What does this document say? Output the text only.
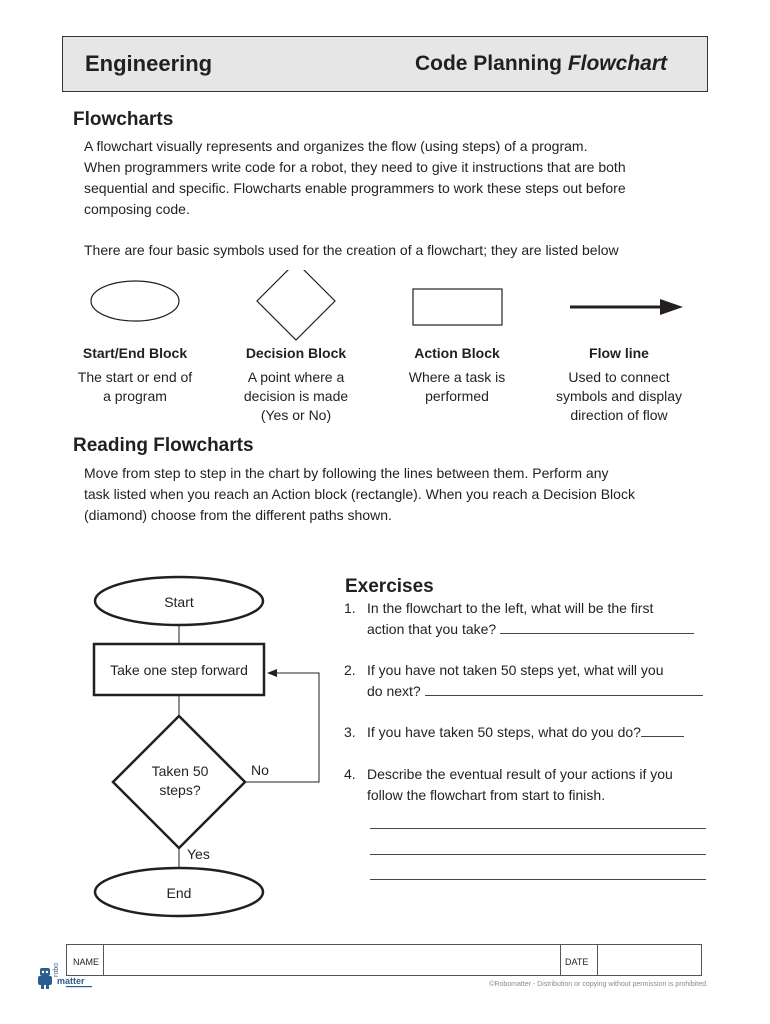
Engineering	Code Planning Flowchart
Flowcharts
A flowchart visually represents and organizes the flow (using steps) of a program.
When programmers write code for a robot, they need to give it instructions that are both
sequential and specific. Flowcharts enable programmers to work these steps out before
composing code.
There are four basic symbols used for the creation of a flowchart; they are listed below
Start/End Block
The start or end of
a program
Decision Block
A point where a
decision is made
(Yes or No)
Action Block
Where a task is
performed
Flow line
Used to connect
symbols and display
direction of flow
Reading Flowcharts
Move from step to step in the chart by following the lines between them. Perform any
task listed when you reach an Action block (rectangle). When you reach a Decision Block
(diamond) choose from the different paths shown.
Start
Take one step forward
Taken 50
steps?
No
Yes
End
Exercises
1. In the flowchart to the left, what will be the first
action that you take?
2. If you have not taken 50 steps yet, what will you
do next?
3. If you have taken 50 steps, what do you do?
4. Describe the eventual result of your actions if you
follow the flowchart from start to finish.
NAME	DATE
robo
matter	©Robomatter - Distribution or copying without permission is prohibited.
